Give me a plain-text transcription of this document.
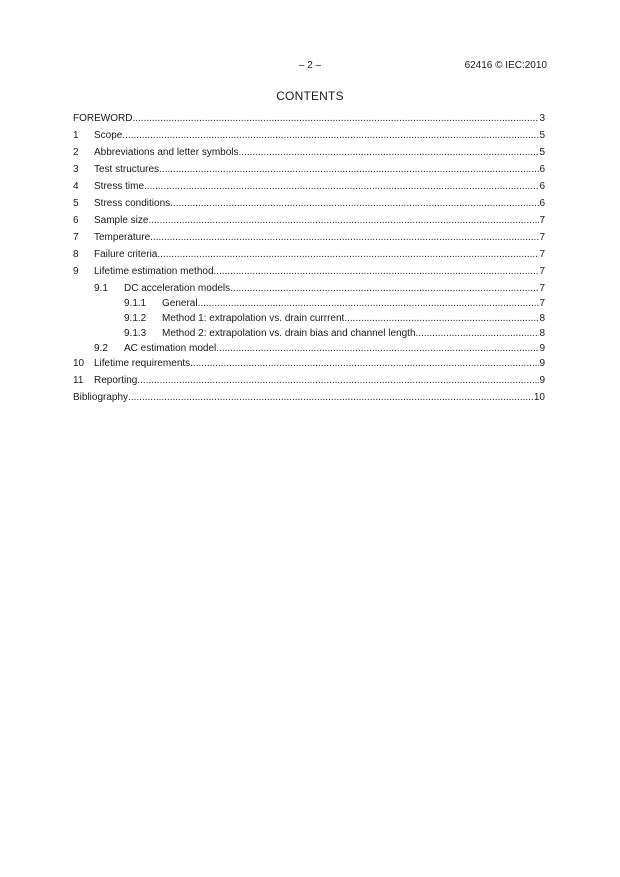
– 2 –	62416 © IEC:2010
CONTENTS
FOREWORD .....	3
1	Scope .....	5
2	Abbreviations and letter symbols .....	5
3	Test structures .....	6
4	Stress time .....	6
5	Stress conditions .....	6
6	Sample size .....	7
7	Temperature .....	7
8	Failure criteria .....	7
9	Lifetime estimation method .....	7
9.1	DC acceleration models .....	7
9.1.1	General .....	7
9.1.2	Method 1: extrapolation vs. drain currrent .....	8
9.1.3	Method 2: extrapolation vs. drain bias and channel length .....	8
9.2	AC estimation model .....	9
10 Lifetime requirements .....	9
11	Reporting .....	9
Bibliography .....	10
